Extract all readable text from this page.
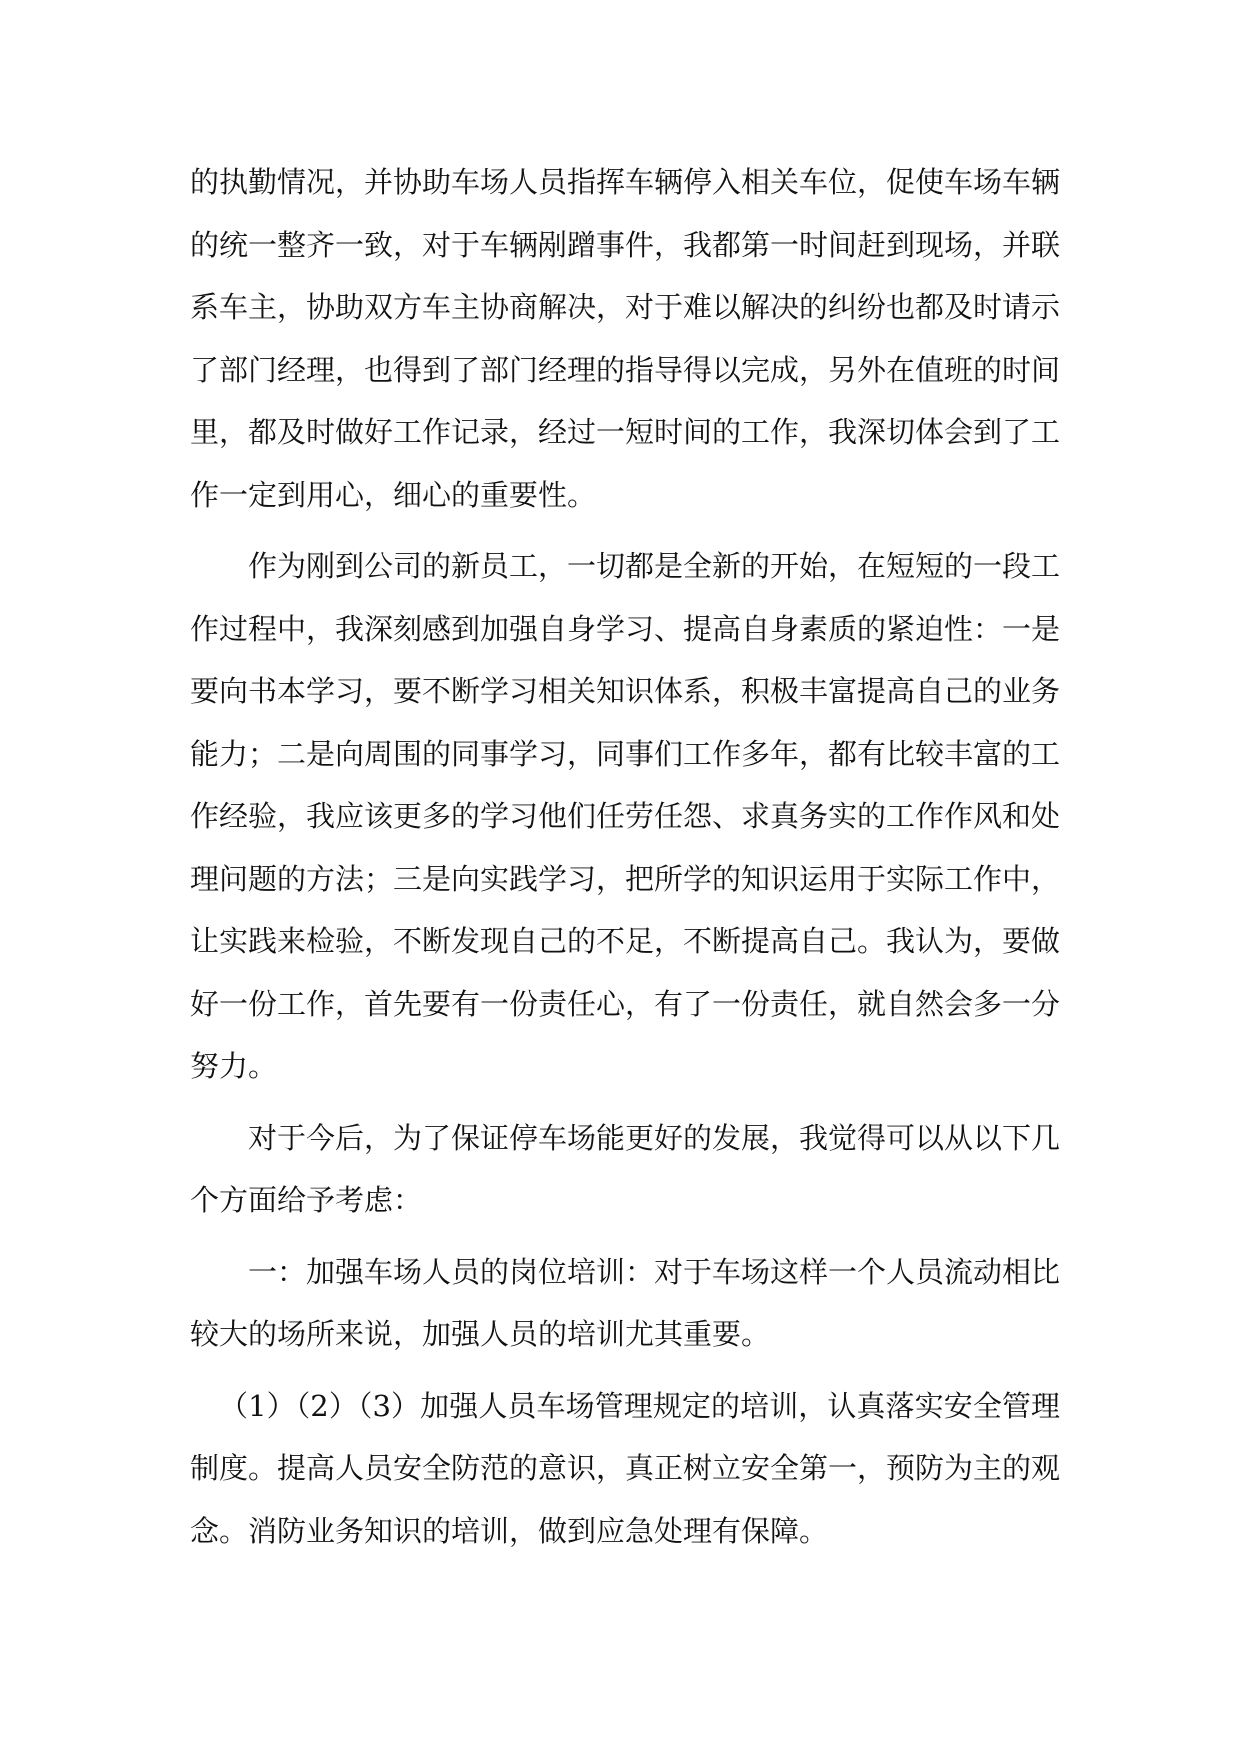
的执勤情况，并协助车场人员指挥车辆停入相关车位，促使车场车辆的统一整齐一致，对于车辆剐蹭事件，我都第一时间赶到现场，并联系车主，协助双方车主协商解决，对于难以解决的纠纷也都及时请示了部门经理，也得到了部门经理的指导得以完成，另外在值班的时间里，都及时做好工作记录，经过一短时间的工作，我深切体会到了工作一定到用心，细心的重要性。

作为刚到公司的新员工，一切都是全新的开始，在短短的一段工作过程中，我深刻感到加强自身学习、提高自身素质的紧迫性：一是要向书本学习，要不断学习相关知识体系，积极丰富提高自己的业务能力；二是向周围的同事学习，同事们工作多年，都有比较丰富的工作经验，我应该更多的学习他们任劳任怨、求真务实的工作作风和处理问题的方法；三是向实践学习，把所学的知识运用于实际工作中，让实践来检验，不断发现自己的不足，不断提高自己。我认为，要做好一份工作，首先要有一份责任心，有了一份责任，就自然会多一分努力。

对于今后，为了保证停车场能更好的发展，我觉得可以从以下几个方面给予考虑：

一：加强车场人员的岗位培训：对于车场这样一个人员流动相比较大的场所来说，加强人员的培训尤其重要。

（1）（2）（3）加强人员车场管理规定的培训，认真落实安全管理制度。提高人员安全防范的意识，真正树立安全第一，预防为主的观念。消防业务知识的培训，做到应急处理有保障。
